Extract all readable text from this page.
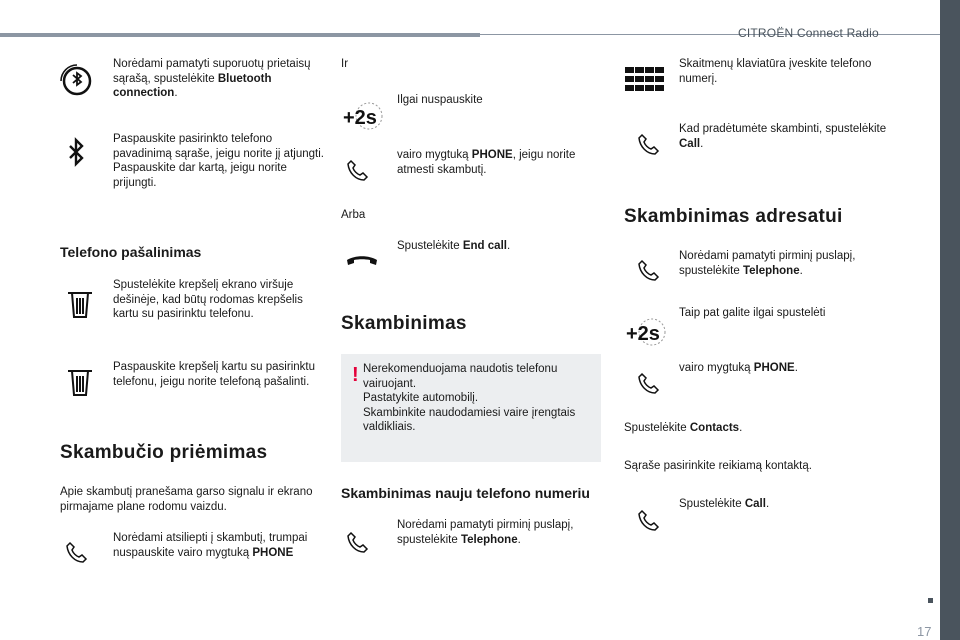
CITROËN Connect Radio
17
Norėdami pamatyti suporuotų prietaisų sąrašą, spustelėkite Bluetooth connection.
Paspauskite pasirinkto telefono pavadinimą sąraše, jeigu norite jį atjungti. Paspauskite dar kartą, jeigu norite prijungti.
Telefono pašalinimas
Spustelėkite krepšelį ekrano viršuje dešinėje, kad būtų rodomas krepšelis kartu su pasirinktu telefonu.
Paspauskite krepšelį kartu su pasirinktu telefonu, jeigu norite telefoną pašalinti.
Skambučio priėmimas
Apie skambutį pranešama garso signalu ir ekrano pirmajame plane rodomu vaizdu.
Norėdami atsiliepti į skambutį, trumpai nuspauskite vairo mygtuką PHONE
Ir
+2s
Ilgai nuspauskite
vairo mygtuką PHONE, jeigu norite atmesti skambutį.
Arba
Spustelėkite End call.
Skambinimas
! Nerekomenduojama naudotis telefonu vairuojant.
Pastatykite automobilį.
Skambinkite naudodamiesi vaire įrengtais valdikliais.
Skambinimas nauju telefono numeriu
Norėdami pamatyti pirminį puslapį, spustelėkite Telephone.
Skaitmenų klaviatūra įveskite telefono numerį.
Kad pradėtumėte skambinti, spustelėkite Call.
Skambinimas adresatui
Norėdami pamatyti pirminį puslapį, spustelėkite Telephone.
+2s
Taip pat galite ilgai spustelėti
vairo mygtuką PHONE.
Spustelėkite Contacts.
Sąraše pasirinkite reikiamą kontaktą.
Spustelėkite Call.
